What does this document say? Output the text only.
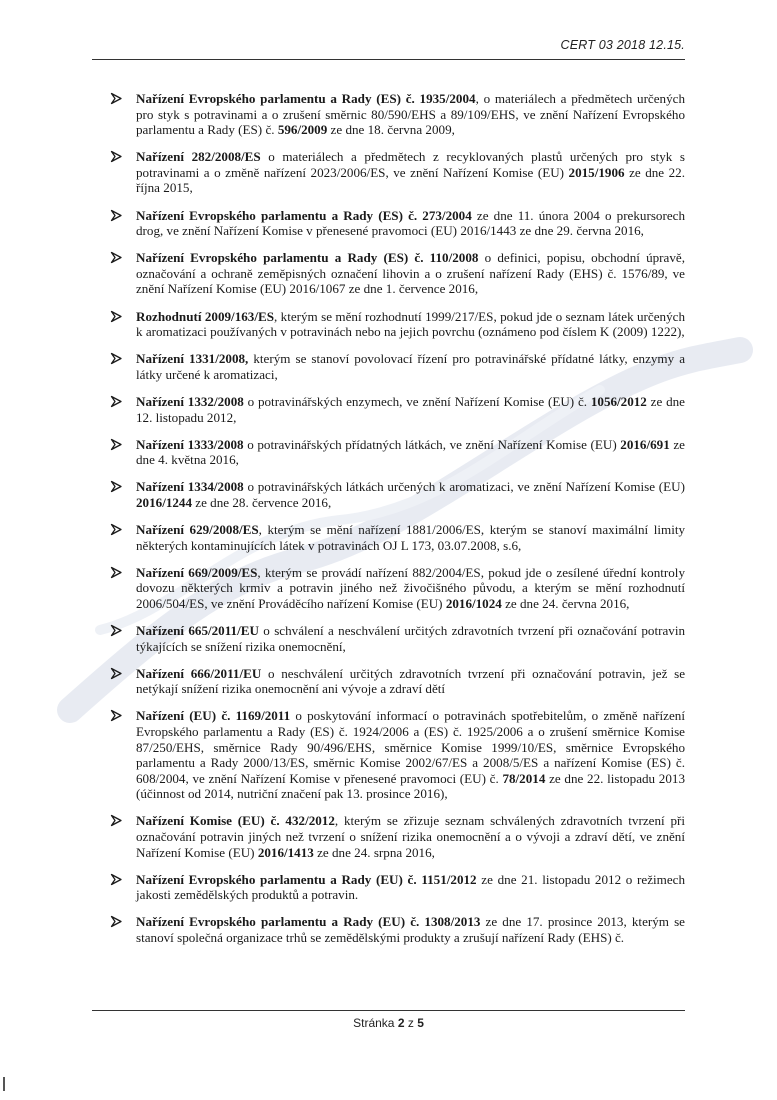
CERT 03 2018 12.15.
Nařízení Evropského parlamentu a Rady (ES) č. 1935/2004, o materiálech a předmětech určených pro styk s potravinami a o zrušení směrnic 80/590/EHS a 89/109/EHS, ve znění Nařízení Evropského parlamentu a Rady (ES) č. 596/2009 ze dne 18. června 2009,
Nařízení 282/2008/ES o materiálech a předmětech z recyklovaných plastů určených pro styk s potravinami a o změně nařízení 2023/2006/ES, ve znění Nařízení Komise (EU) 2015/1906 ze dne 22. října 2015,
Nařízení Evropského parlamentu a Rady (ES) č. 273/2004 ze dne 11. února 2004 o prekursorech drog, ve znění Nařízení Komise v přenesené pravomoci (EU) 2016/1443 ze dne 29. června 2016,
Nařízení Evropského parlamentu a Rady (ES) č. 110/2008 o definici, popisu, obchodní úpravě, označování a ochraně zeměpisných označení lihovin a o zrušení nařízení Rady (EHS) č. 1576/89, ve znění Nařízení Komise (EU) 2016/1067 ze dne 1. července 2016,
Rozhodnutí 2009/163/ES, kterým se mění rozhodnutí 1999/217/ES, pokud jde o seznam látek určených k aromatizaci používaných v potravinách nebo na jejich povrchu (oznámeno pod číslem K (2009) 1222),
Nařízení 1331/2008, kterým se stanoví povolovací řízení pro potravinářské přídatné látky, enzymy a látky určené k aromatizaci,
Nařízení 1332/2008 o potravinářských enzymech, ve znění Nařízení Komise (EU) č. 1056/2012 ze dne 12. listopadu 2012,
Nařízení 1333/2008 o potravinářských přídatných látkách, ve znění Nařízení Komise (EU) 2016/691 ze dne 4. května 2016,
Nařízení 1334/2008 o potravinářských látkách určených k aromatizaci, ve znění Nařízení Komise (EU) 2016/1244 ze dne 28. července 2016,
Nařízení 629/2008/ES, kterým se mění nařízení 1881/2006/ES, kterým se stanoví maximální limity některých kontaminujících látek v potravinách OJ L 173, 03.07.2008, s.6,
Nařízení 669/2009/ES, kterým se provádí nařízení 882/2004/ES, pokud jde o zesílené úřední kontroly dovozu některých krmiv a potravin jiného než živočišného původu, a kterým se mění rozhodnutí 2006/504/ES, ve znění Prováděcího nařízení Komise (EU) 2016/1024 ze dne 24. června 2016,
Nařízení 665/2011/EU o schválení a neschválení určitých zdravotních tvrzení při označování potravin týkajících se snížení rizika onemocnění,
Nařízení 666/2011/EU o neschválení určitých zdravotních tvrzení při označování potravin, jež se netýkají snížení rizika onemocnění ani vývoje a zdraví dětí
Nařízení (EU) č. 1169/2011 o poskytování informací o potravinách spotřebitelům, o změně nařízení Evropského parlamentu a Rady (ES) č. 1924/2006 a (ES) č. 1925/2006 a o zrušení směrnice Komise 87/250/EHS, směrnice Rady 90/496/EHS, směrnice Komise 1999/10/ES, směrnice Evropského parlamentu a Rady 2000/13/ES, směrnic Komise 2002/67/ES a 2008/5/ES a nařízení Komise (ES) č. 608/2004, ve znění Nařízení Komise v přenesené pravomoci (EU) č. 78/2014 ze dne 22. listopadu 2013 (účinnost od 2014, nutriční značení pak 13. prosince 2016),
Nařízení Komise (EU) č. 432/2012, kterým se zřizuje seznam schválených zdravotních tvrzení při označování potravin jiných než tvrzení o snížení rizika onemocnění a o vývoji a zdraví dětí, ve znění Nařízení Komise (EU) 2016/1413 ze dne 24. srpna 2016,
Nařízení Evropského parlamentu a Rady (EU) č. 1151/2012 ze dne 21. listopadu 2012 o režimech jakosti zemědělských produktů a potravin.
Nařízení Evropského parlamentu a Rady (EU) č. 1308/2013 ze dne 17. prosince 2013, kterým se stanoví společná organizace trhů se zemědělskými produkty a zrušují nařízení Rady (EHS) č.
Stránka 2 z 5
